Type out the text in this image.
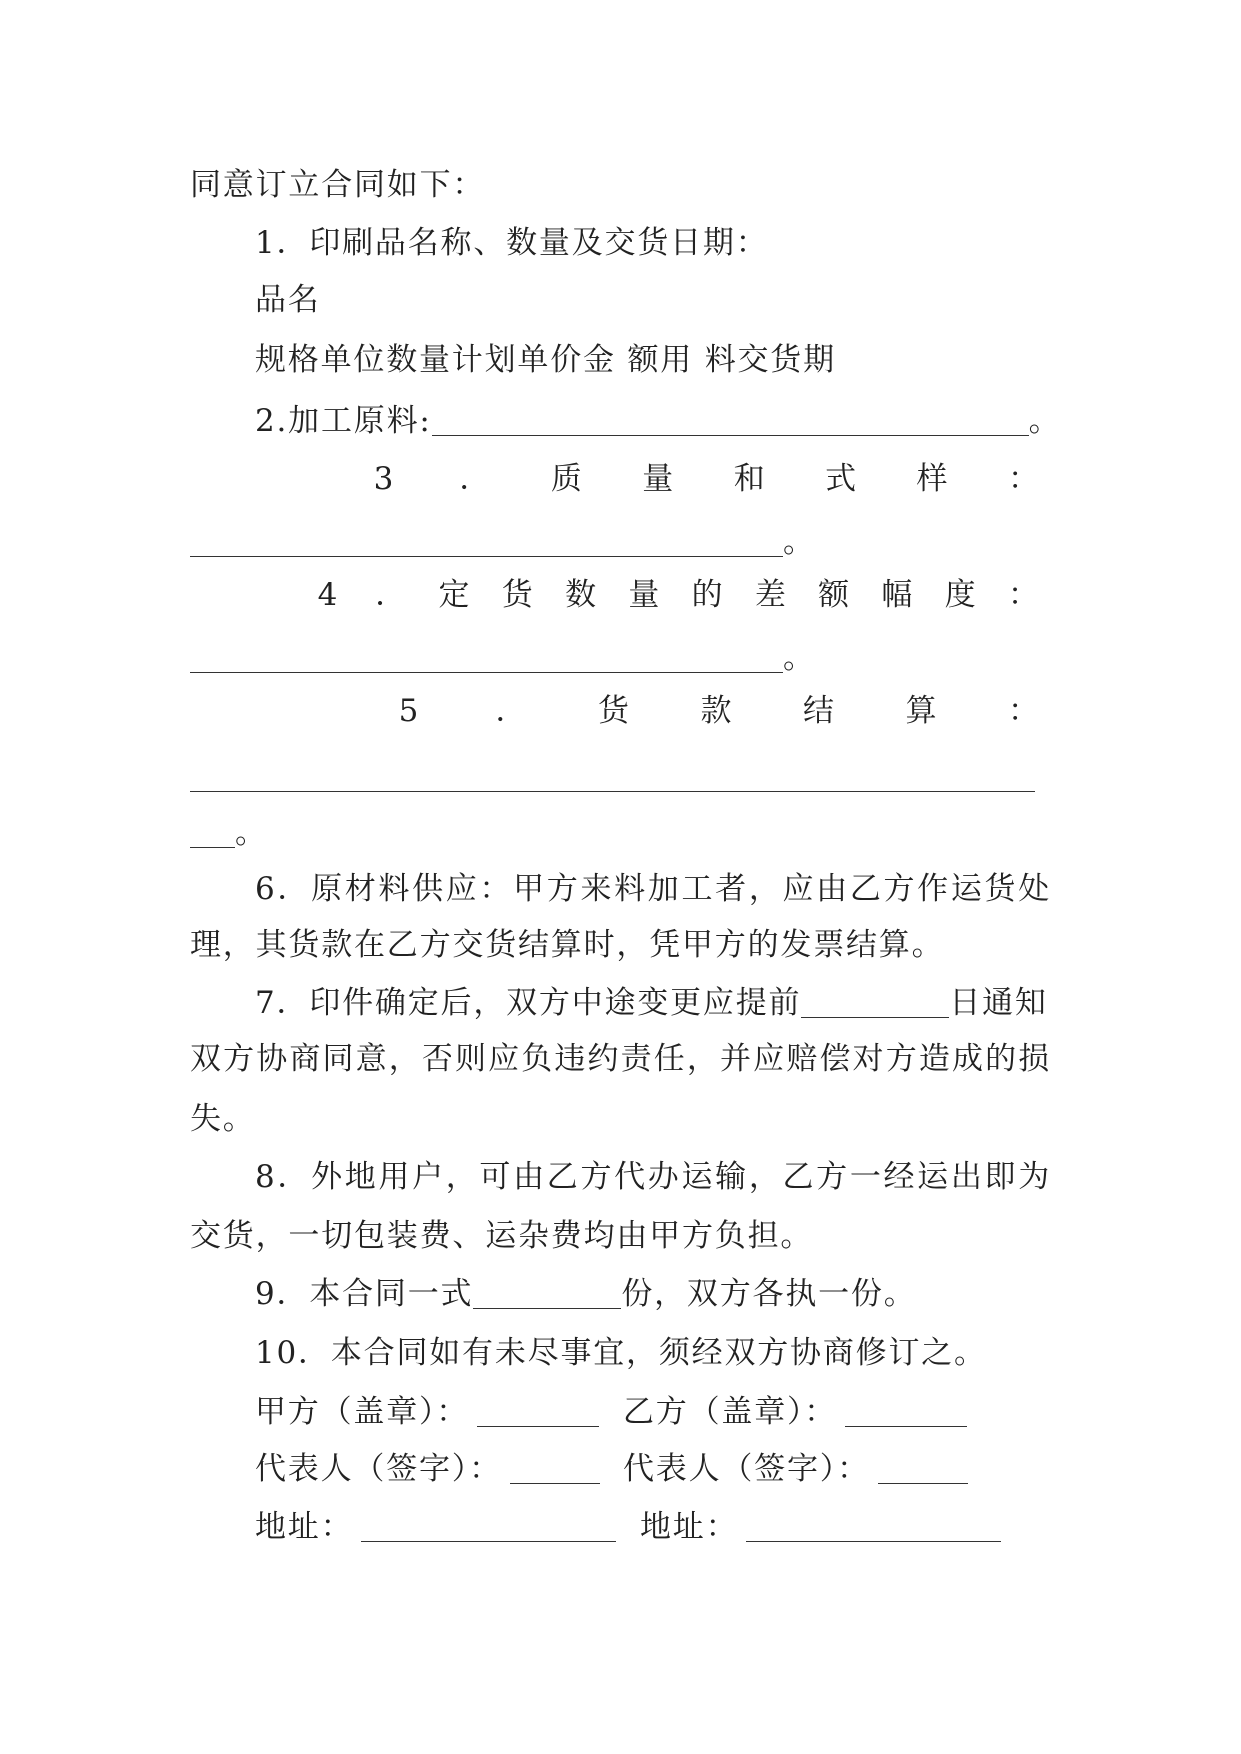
同意订立合同如下：
1．印刷品名称、数量及交货日期：
品名
规格单位数量计划单价金 额用 料交货期
2.加工原料:	。
3 ． 质 量 和 式 样 ：
。
4 ． 定 货 数 量 的 差 额 幅 度 ：
。
5 ． 货 款 结 算 ：
。
6．原材料供应：甲方来料加工者，应由乙方作运货处
理，其货款在乙方交货结算时，凭甲方的发票结算。
7．印件确定后，双方中途变更应提前	日通知
双方协商同意，否则应负违约责任，并应赔偿对方造成的损
失。
8．外地用户，可由乙方代办运输，乙方一经运出即为
交货，一切包装费、运杂费均由甲方负担。
9．本合同一式	份，双方各执一份。
10．本合同如有未尽事宜，须经双方协商修订之。
甲方（盖章）：	乙方（盖章）：
代表人（签字）：	代表人（签字）：
地址：	地址：
